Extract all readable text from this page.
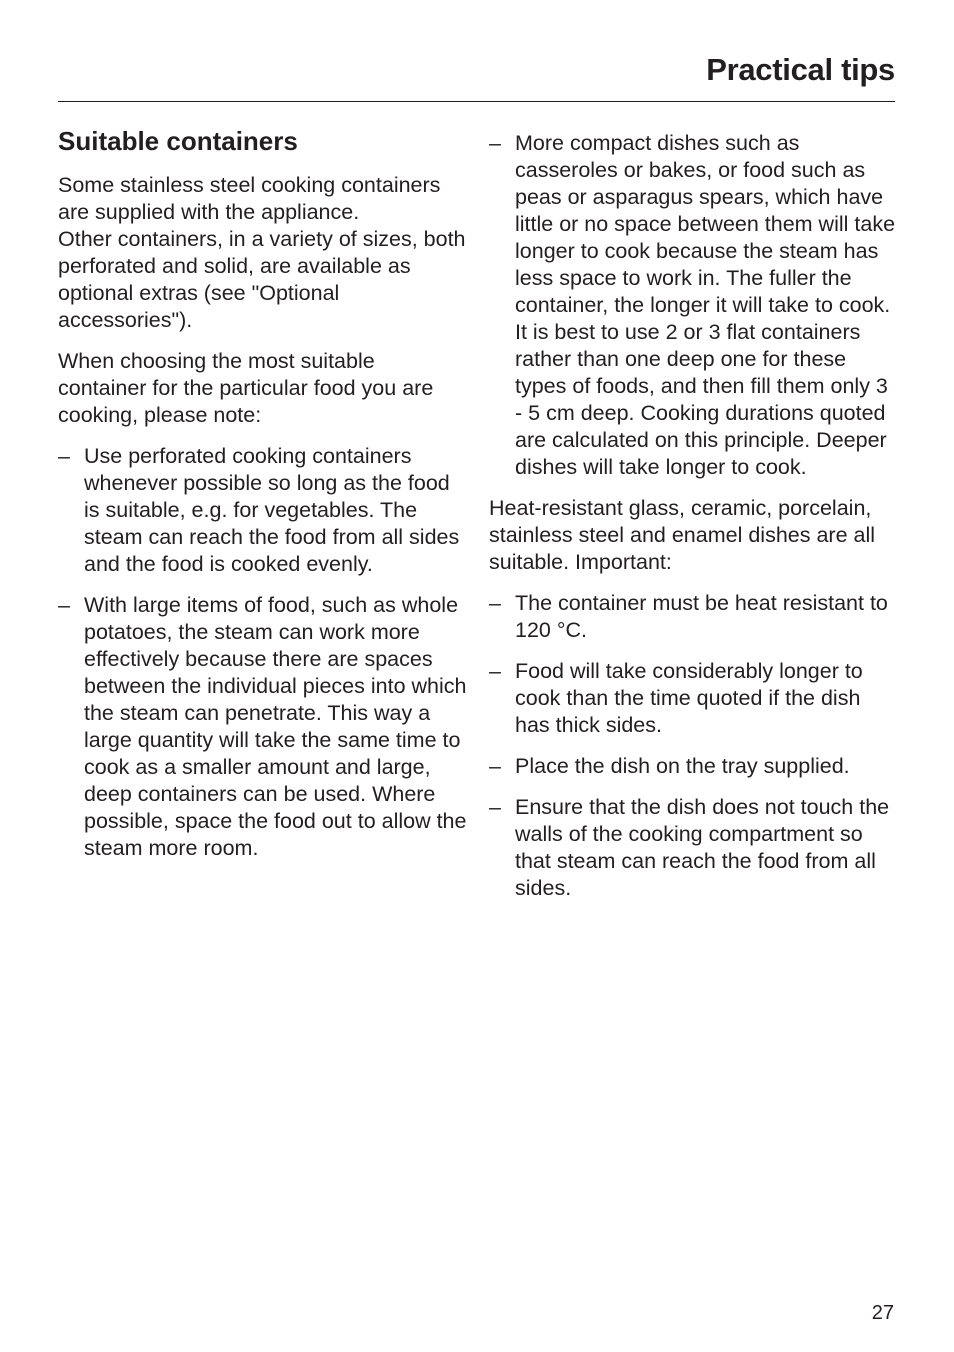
Practical tips
Suitable containers

Some stainless steel cooking containers are supplied with the appliance.
Other containers, in a variety of sizes, both perforated and solid, are available as optional extras (see "Optional accessories").

When choosing the most suitable container for the particular food you are cooking, please note:

– Use perforated cooking containers whenever possible so long as the food is suitable, e.g. for vegetables. The steam can reach the food from all sides and the food is cooked evenly.
– With large items of food, such as whole potatoes, the steam can work more effectively because there are spaces between the individual pieces into which the steam can penetrate. This way a large quantity will take the same time to cook as a smaller amount and large, deep containers can be used. Where possible, space the food out to allow the steam more room.
– More compact dishes such as casseroles or bakes, or food such as peas or asparagus spears, which have little or no space between them will take longer to cook because the steam has less space to work in. The fuller the container, the longer it will take to cook. It is best to use 2 or 3 flat containers rather than one deep one for these types of foods, and then fill them only 3 - 5 cm deep. Cooking durations quoted are calculated on this principle. Deeper dishes will take longer to cook.

Heat-resistant glass, ceramic, porcelain, stainless steel and enamel dishes are all suitable. Important:

– The container must be heat resistant to 120 °C.
– Food will take considerably longer to cook than the time quoted if the dish has thick sides.
– Place the dish on the tray supplied.
– Ensure that the dish does not touch the walls of the cooking compartment so that steam can reach the food from all sides.
27
